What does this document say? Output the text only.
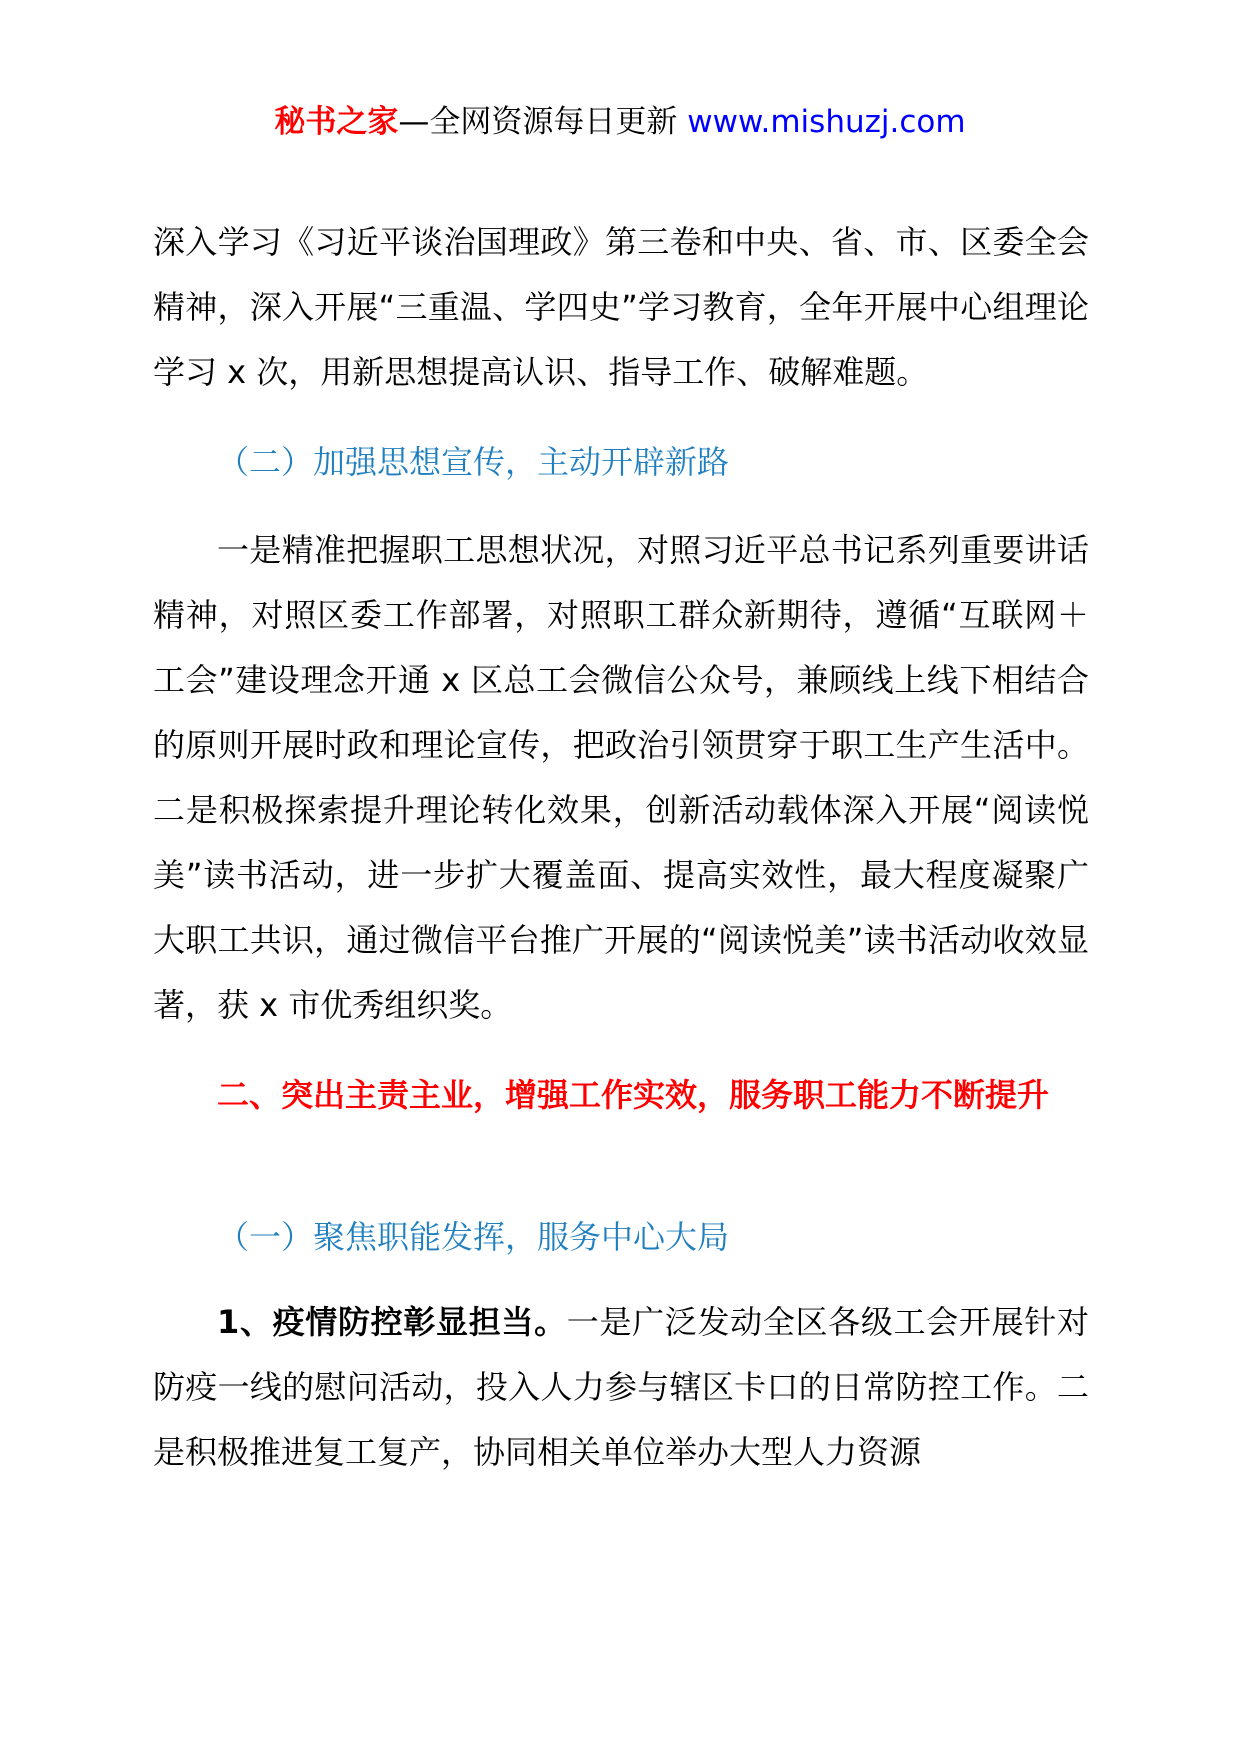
秘书之家—全网资源每日更新 www.mishuzj.com

深入学习《习近平谈治国理政》第三卷和中央、省、市、区委全会精神，深入开展“三重温、学四史”学习教育，全年开展中心组理论学习 x 次，用新思想提高认识、指导工作、破解难题。

（二）加强思想宣传，主动开辟新路

一是精准把握职工思想状况，对照习近平总书记系列重要讲话精神，对照区委工作部署，对照职工群众新期待，遵循“互联网＋工会”建设理念开通 x 区总工会微信公众号，兼顾线上线下相结合的原则开展时政和理论宣传，把政治引领贯穿于职工生产生活中。二是积极探索提升理论转化效果，创新活动载体深入开展“阅读悦美”读书活动，进一步扩大覆盖面、提高实效性，最大程度凝聚广大职工共识，通过微信平台推广开展的“阅读悦美”读书活动收效显著，获 x 市优秀组织奖。

二、突出主责主业，增强工作实效，服务职工能力不断提升

（一）聚焦职能发挥，服务中心大局

1、疫情防控彰显担当。一是广泛发动全区各级工会开展针对防疫一线的慰问活动，投入人力参与辖区卡口的日常防控工作。二是积极推进复工复产，协同相关单位举办大型人力资源
